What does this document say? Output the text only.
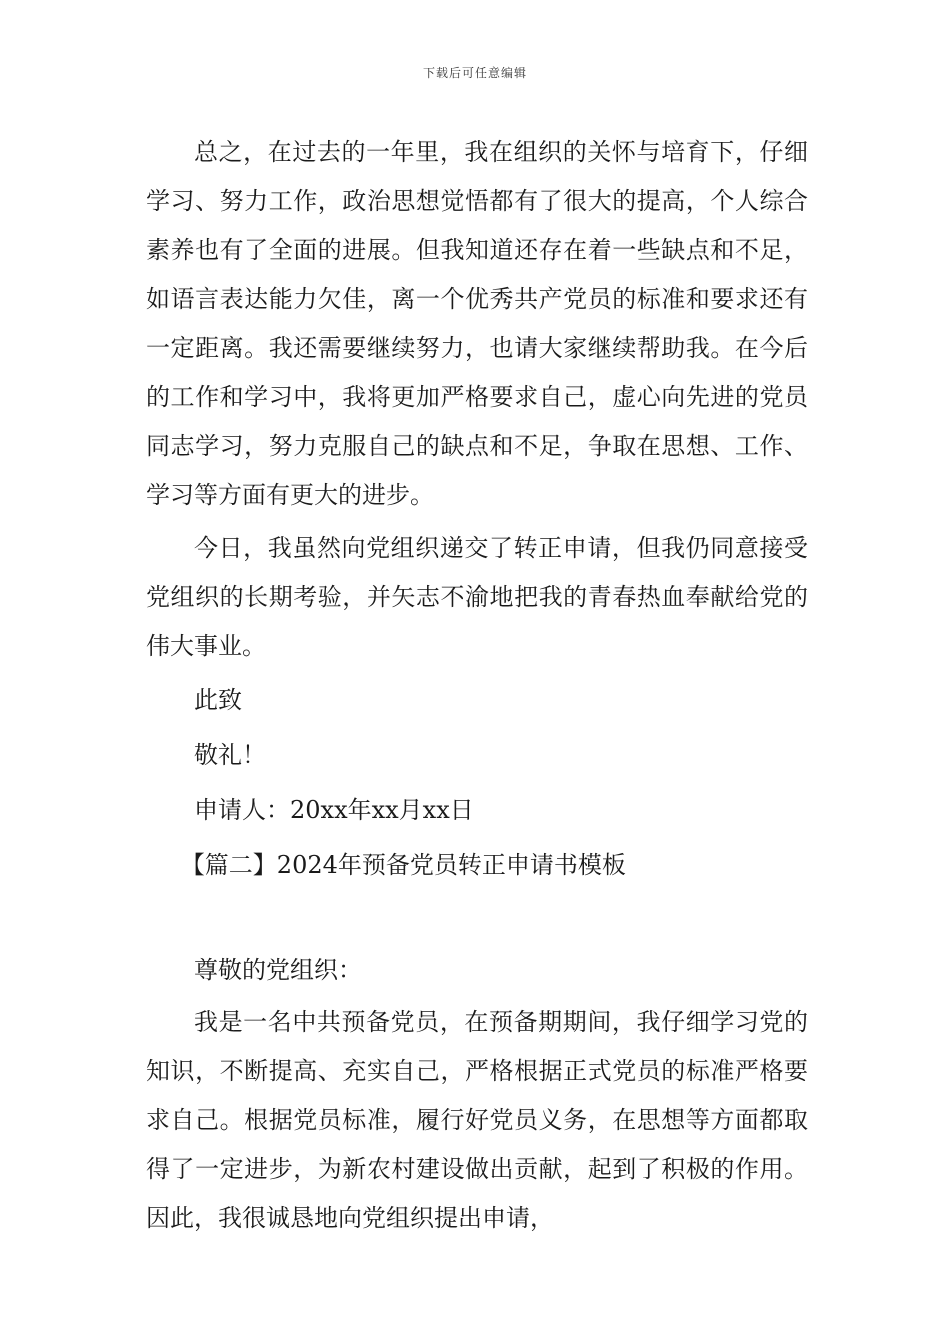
下载后可任意编辑

总之，在过去的一年里，我在组织的关怀与培育下，仔细学习、努力工作，政治思想觉悟都有了很大的提高，个人综合素养也有了全面的进展。但我知道还存在着一些缺点和不足，如语言表达能力欠佳，离一个优秀共产党员的标准和要求还有一定距离。我还需要继续努力，也请大家继续帮助我。在今后的工作和学习中，我将更加严格要求自己，虚心向先进的党员同志学习，努力克服自己的缺点和不足，争取在思想、工作、学习等方面有更大的进步。

今日，我虽然向党组织递交了转正申请，但我仍同意接受党组织的长期考验，并矢志不渝地把我的青春热血奉献给党的伟大事业。

此致

敬礼！

申请人：20xx年xx月xx日

【篇二】2024年预备党员转正申请书模板

尊敬的党组织：

我是一名中共预备党员，在预备期期间，我仔细学习党的知识，不断提高、充实自己，严格根据正式党员的标准严格要求自己。根据党员标准，履行好党员义务，在思想等方面都取得了一定进步，为新农村建设做出贡献，起到了积极的作用。因此，我很诚恳地向党组织提出申请，
